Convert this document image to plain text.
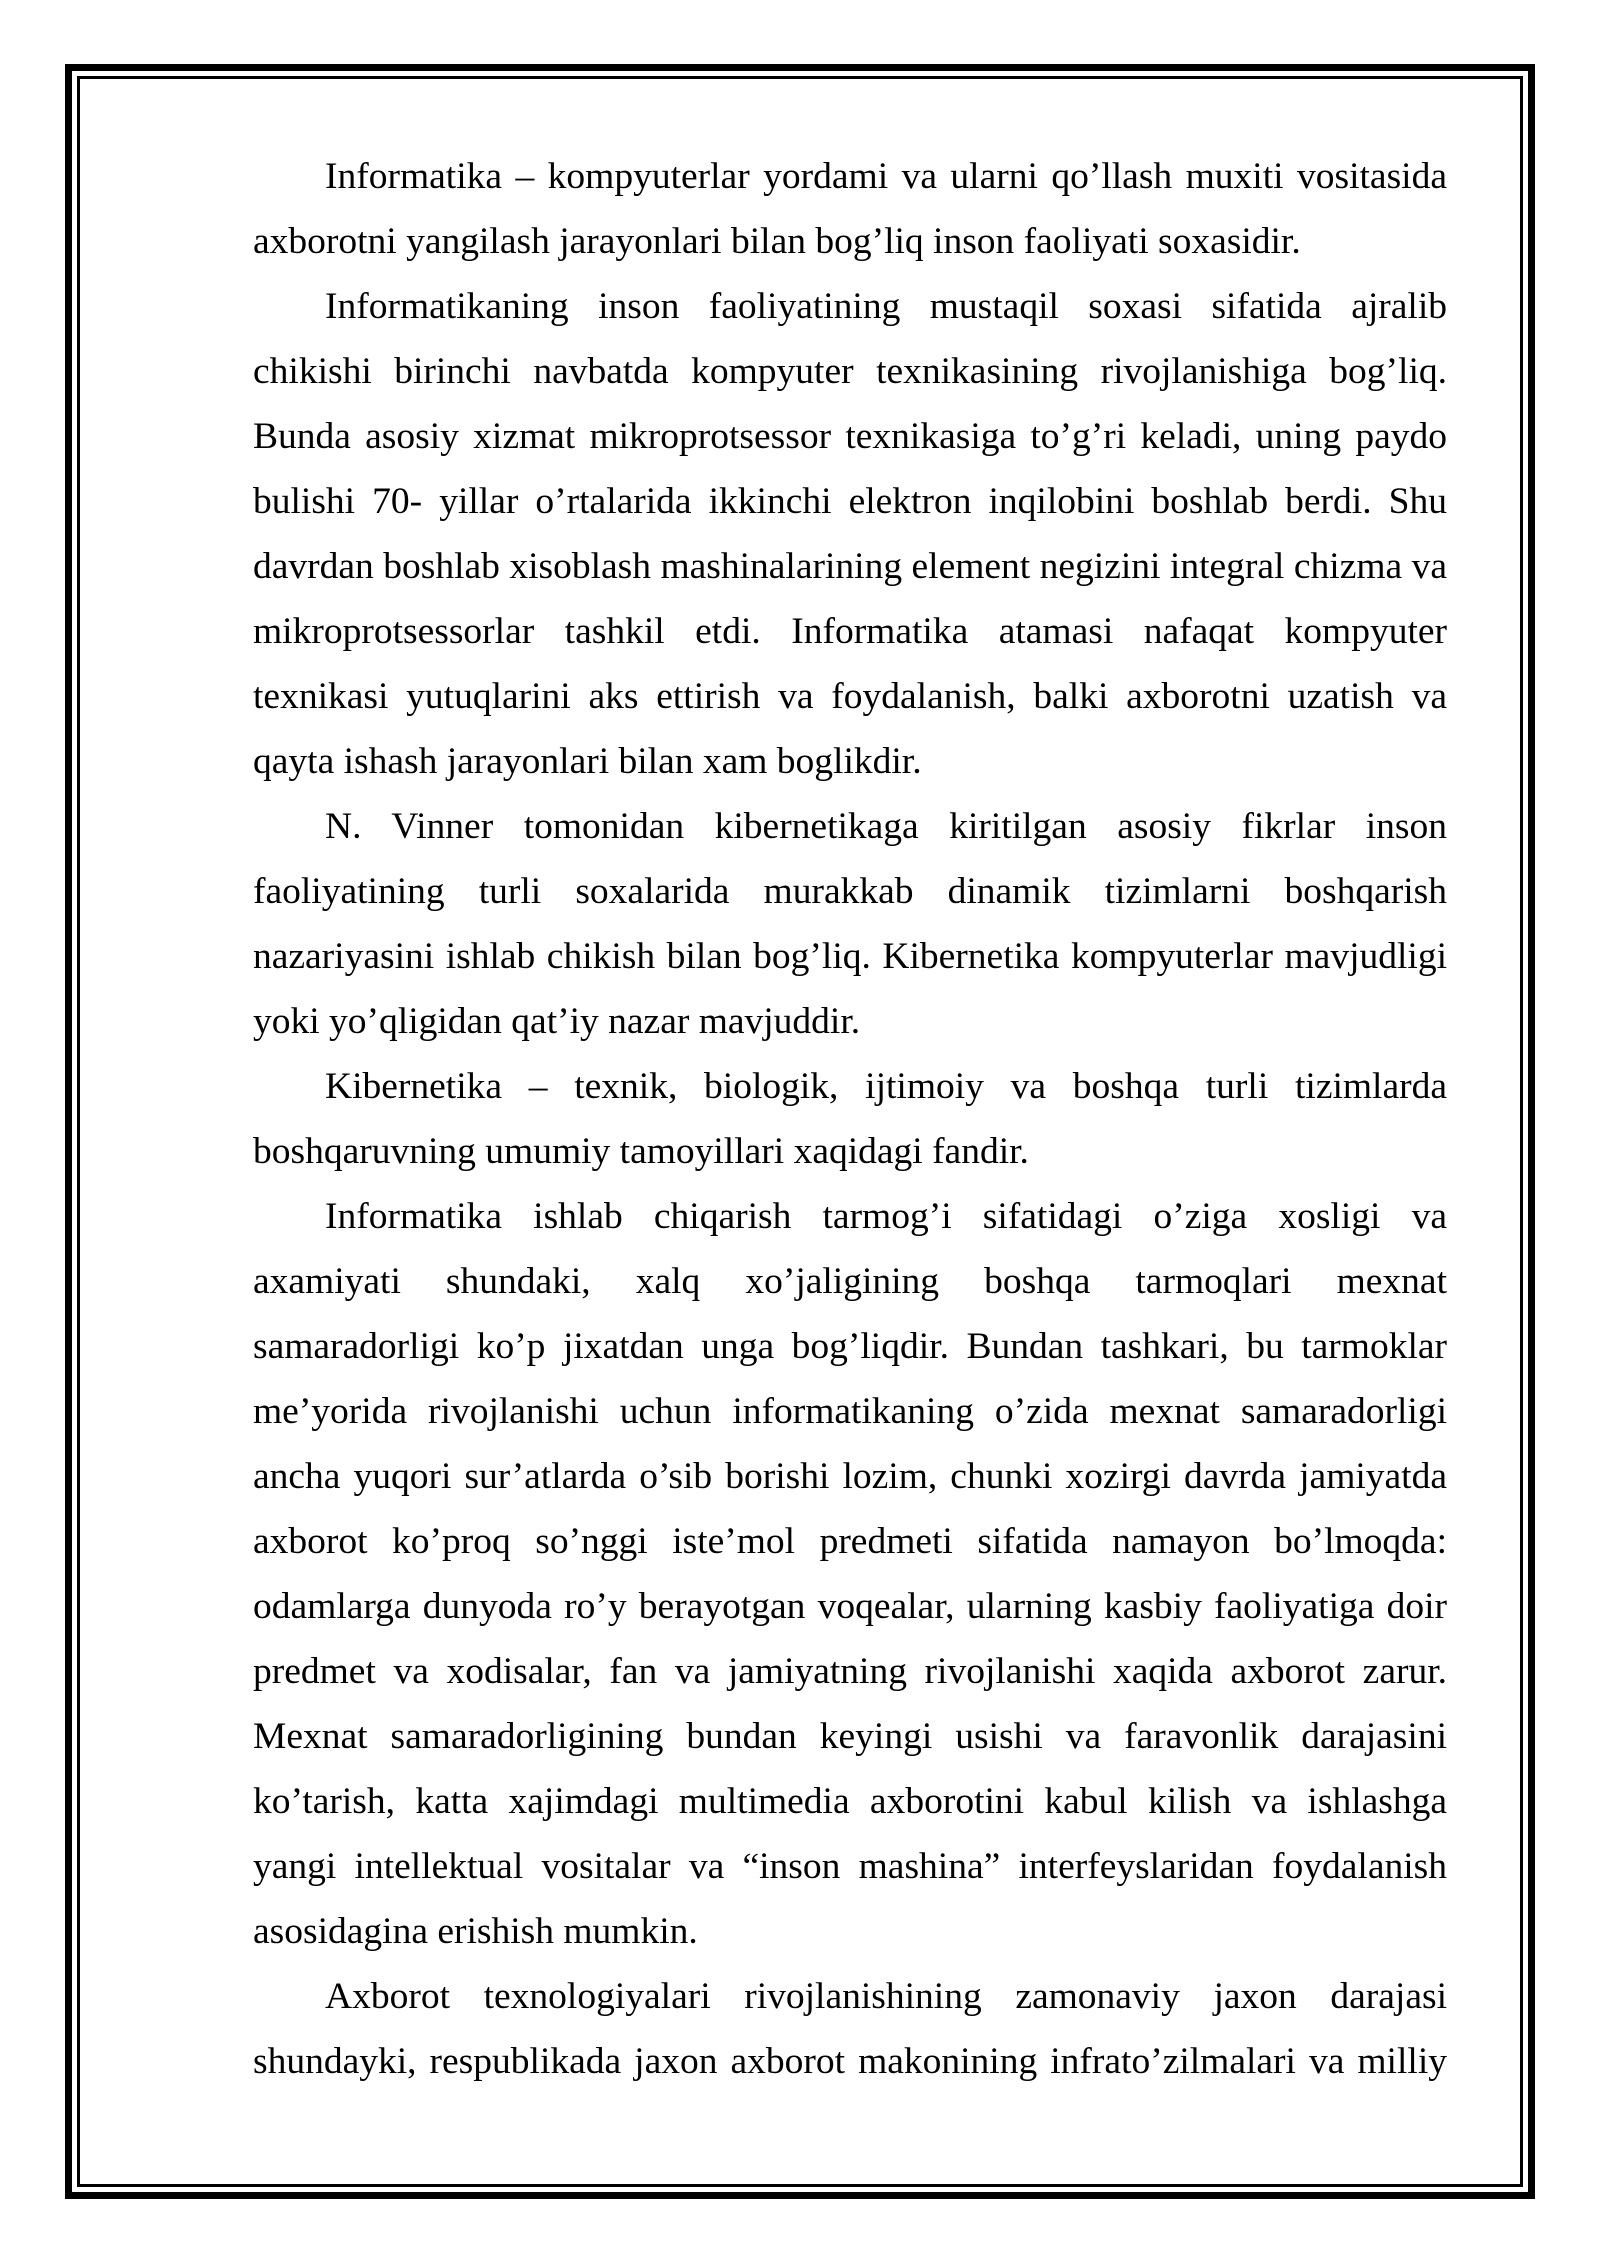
Informatika – kompyuterlar yordami va ularni qo’llash muxiti vositasida axborotni yangilash jarayonlari bilan bog’liq inson faoliyati soxasidir.

Informatikaning inson faoliyatining mustaqil soxasi sifatida ajralib chikishi birinchi navbatda kompyuter texnikasining rivojlanishiga bog’liq. Bunda asosiy xizmat mikroprotsessor texnikasiga to’g’ri keladi, uning paydo bulishi 70- yillar o’rtalarida ikkinchi elektron inqilobini boshlab berdi. Shu davrdan boshlab xisoblash mashinalarining element negizini integral chizma va mikroprotsessorlar tashkil etdi. Informatika atamasi nafaqat kompyuter texnikasi yutuqlarini aks ettirish va foydalanish, balki axborotni uzatish va qayta ishash jarayonlari bilan xam boglikdir.

N. Vinner tomonidan kibernetikaga kiritilgan asosiy fikrlar inson faoliyatining turli soxalarida murakkab dinamik tizimlarni boshqarish nazariyasini ishlab chikish bilan bog’liq. Kibernetika kompyuterlar mavjudligi yoki yo’qligidan qat’iy nazar mavjuddir.

Kibernetika – texnik, biologik, ijtimoiy va boshqa turli tizimlarda boshqaruvning umumiy tamoyillari xaqidagi fandir.

Informatika ishlab chiqarish tarmog’i sifatidagi o’ziga xosligi va axamiyati shundaki, xalq xo’jaligining boshqa tarmoqlari mexnat samaradorligi ko’p jixatdan unga bog’liqdir. Bundan tashkari, bu tarmoklar me’yorida rivojlanishi uchun informatikaning o’zida mexnat samaradorligi ancha yuqori sur’atlarda o’sib borishi lozim, chunki xozirgi davrda jamiyatda axborot ko’proq so’nggi iste’mol predmeti sifatida namayon bo’lmoqda: odamlarga dunyoda ro’y berayotgan voqealar, ularning kasbiy faoliyatiga doir predmet va xodisalar, fan va jamiyatning rivojlanishi xaqida axborot zarur. Mexnat samaradorligining bundan keyingi usishi va faravonlik darajasini ko’tarish, katta xajimdagi multimedia axborotini kabul kilish va ishlashga yangi intellektual vositalar va “inson mashina” interfeyslaridan foydalanish asosidagina erishish mumkin.

Axborot texnologiyalari rivojlanishining zamonaviy jaxon darajasi shundayki, respublikada jaxon axborot makonining infrato’zilmalari va milliy
